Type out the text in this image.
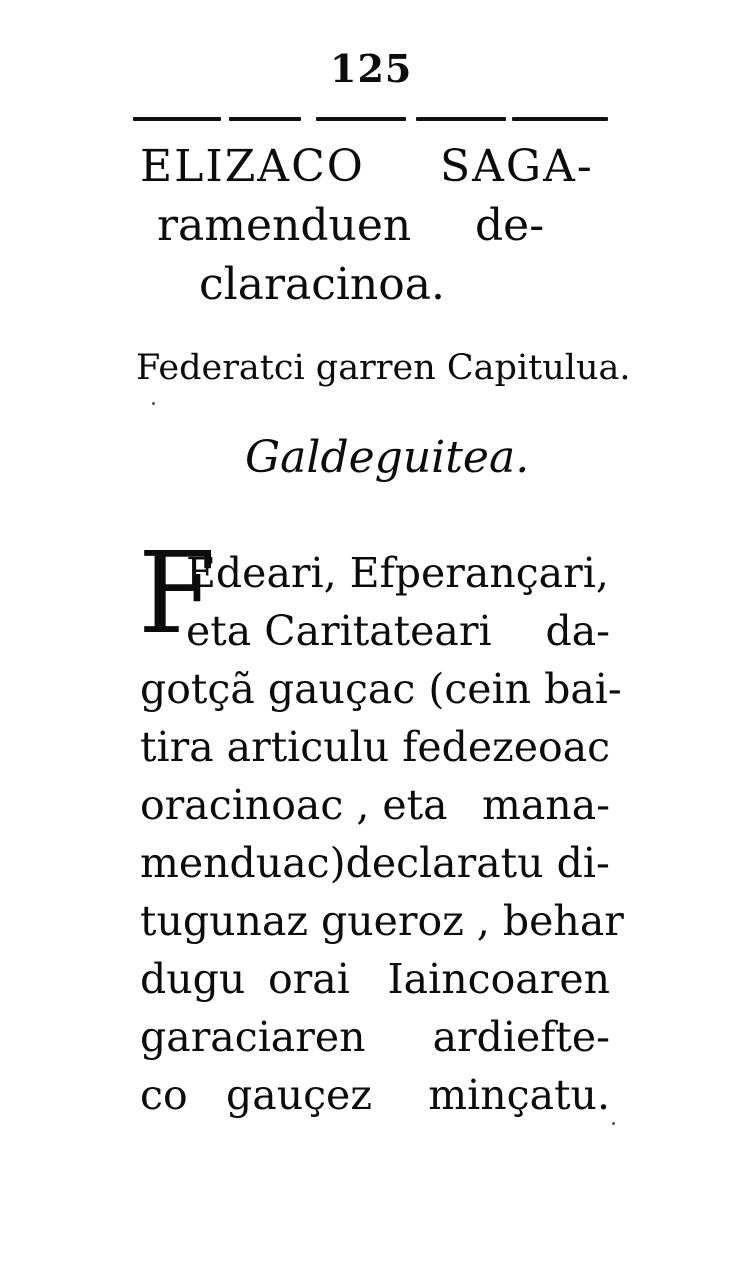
125
ELIZACO SAGA-
ramenduen de-
claracinoa.
Federatci garren Capitulua.
Galdeguitea.
F
Edeari, Efperançari,
eta Caritateari da-
gotçã gauçac (cein bai-
tira articulu fedezeoac
oracinoac , eta mana-
menduac)declaratu di-
tugunaz gueroz , behar
dugu orai Iaincoaren
garaciaren ardiefte-
co gauçez minçatu.
